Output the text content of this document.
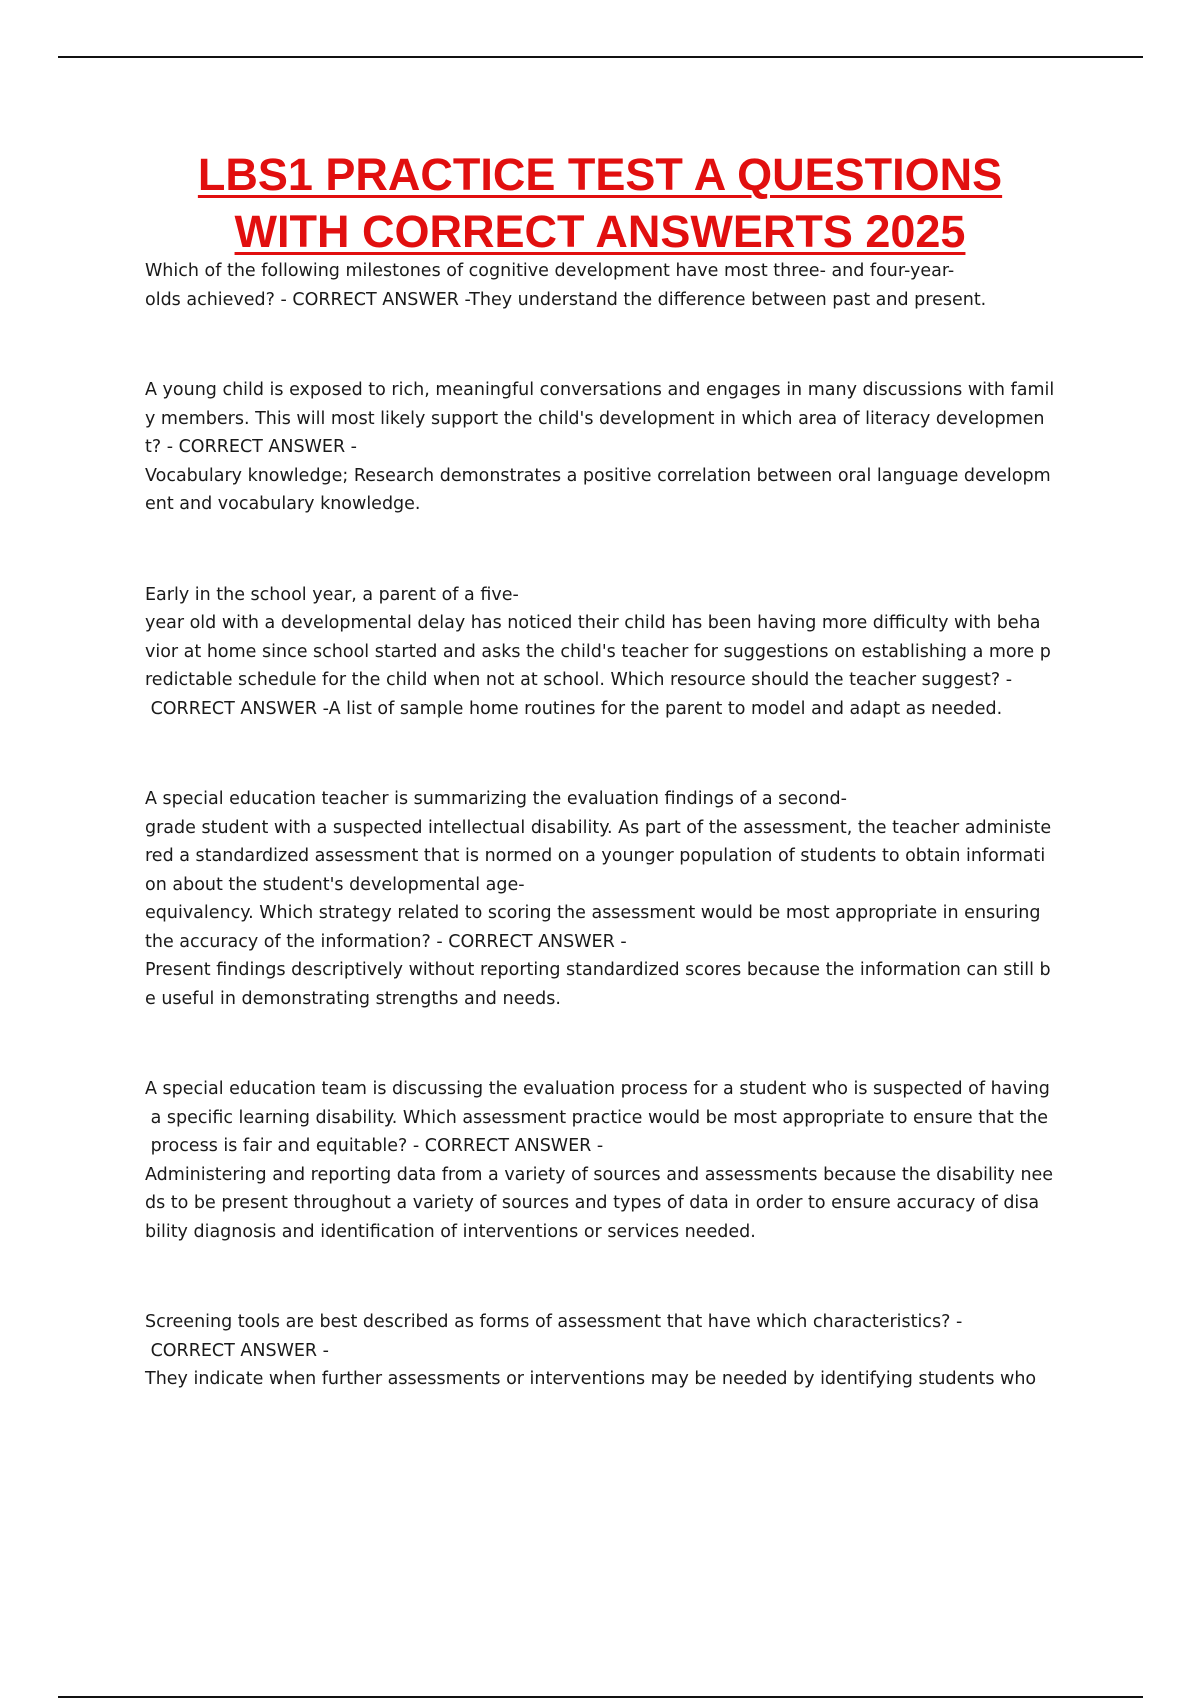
LBS1 PRACTICE TEST A QUESTIONS
WITH CORRECT ANSWERTS 2025
Which of the following milestones of cognitive development have most three- and four-year-
olds achieved? - CORRECT ANSWER -They understand the difference between past and present.
A young child is exposed to rich, meaningful conversations and engages in many discussions with famil
y members. This will most likely support the child's development in which area of literacy developmen
t? - CORRECT ANSWER -
Vocabulary knowledge; Research demonstrates a positive correlation between oral language developm
ent and vocabulary knowledge.
Early in the school year, a parent of a five-
year old with a developmental delay has noticed their child has been having more difficulty with beha
vior at home since school started and asks the child's teacher for suggestions on establishing a more p
redictable schedule for the child when not at school. Which resource should the teacher suggest? -
CORRECT ANSWER -A list of sample home routines for the parent to model and adapt as needed.
A special education teacher is summarizing the evaluation findings of a second-
grade student with a suspected intellectual disability. As part of the assessment, the teacher administe
red a standardized assessment that is normed on a younger population of students to obtain informati
on about the student's developmental age-
equivalency. Which strategy related to scoring the assessment would be most appropriate in ensuring
the accuracy of the information? - CORRECT ANSWER -
Present findings descriptively without reporting standardized scores because the information can still b
e useful in demonstrating strengths and needs.
A special education team is discussing the evaluation process for a student who is suspected of having
a specific learning disability. Which assessment practice would be most appropriate to ensure that the
process is fair and equitable? - CORRECT ANSWER -
Administering and reporting data from a variety of sources and assessments because the disability nee
ds to be present throughout a variety of sources and types of data in order to ensure accuracy of disa
bility diagnosis and identification of interventions or services needed.
Screening tools are best described as forms of assessment that have which characteristics? -
CORRECT ANSWER -
They indicate when further assessments or interventions may be needed by identifying students who
